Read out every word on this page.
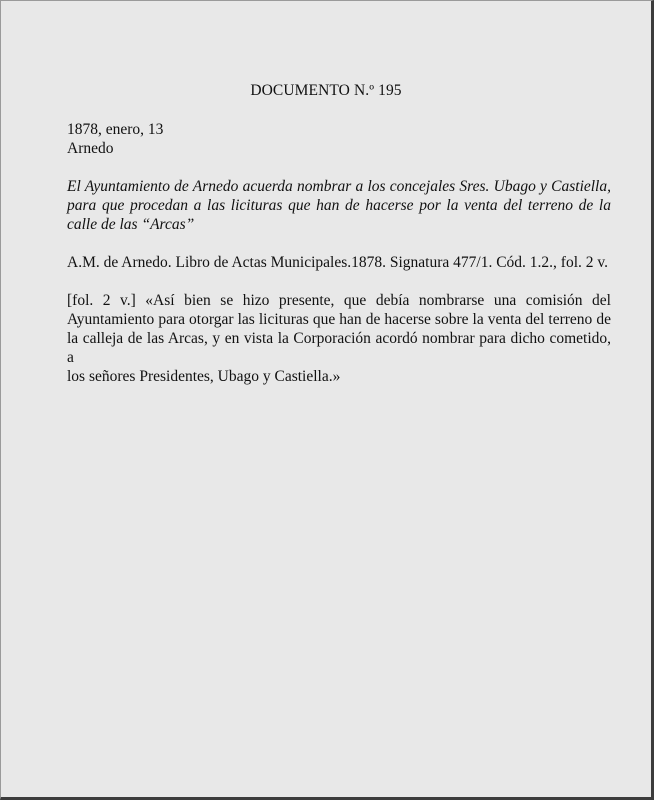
DOCUMENTO N.º 195
1878, enero, 13
Arnedo
El Ayuntamiento de Arnedo acuerda nombrar a los concejales Sres. Ubago y Castiella,
para que procedan a las licituras que han de hacerse por la venta del terreno de la
calle de las “Arcas”
A.M. de Arnedo. Libro de Actas Municipales.1878. Signatura 477/1. Cód. 1.2., fol. 2 v.
[fol. 2 v.] «Así bien se hizo presente, que debía nombrarse una comisión del
Ayuntamiento para otorgar las licituras que han de hacerse sobre la venta del terreno de
la calleja de las Arcas, y en vista la Corporación acordó nombrar para dicho cometido, a
los señores Presidentes, Ubago y Castiella.»
